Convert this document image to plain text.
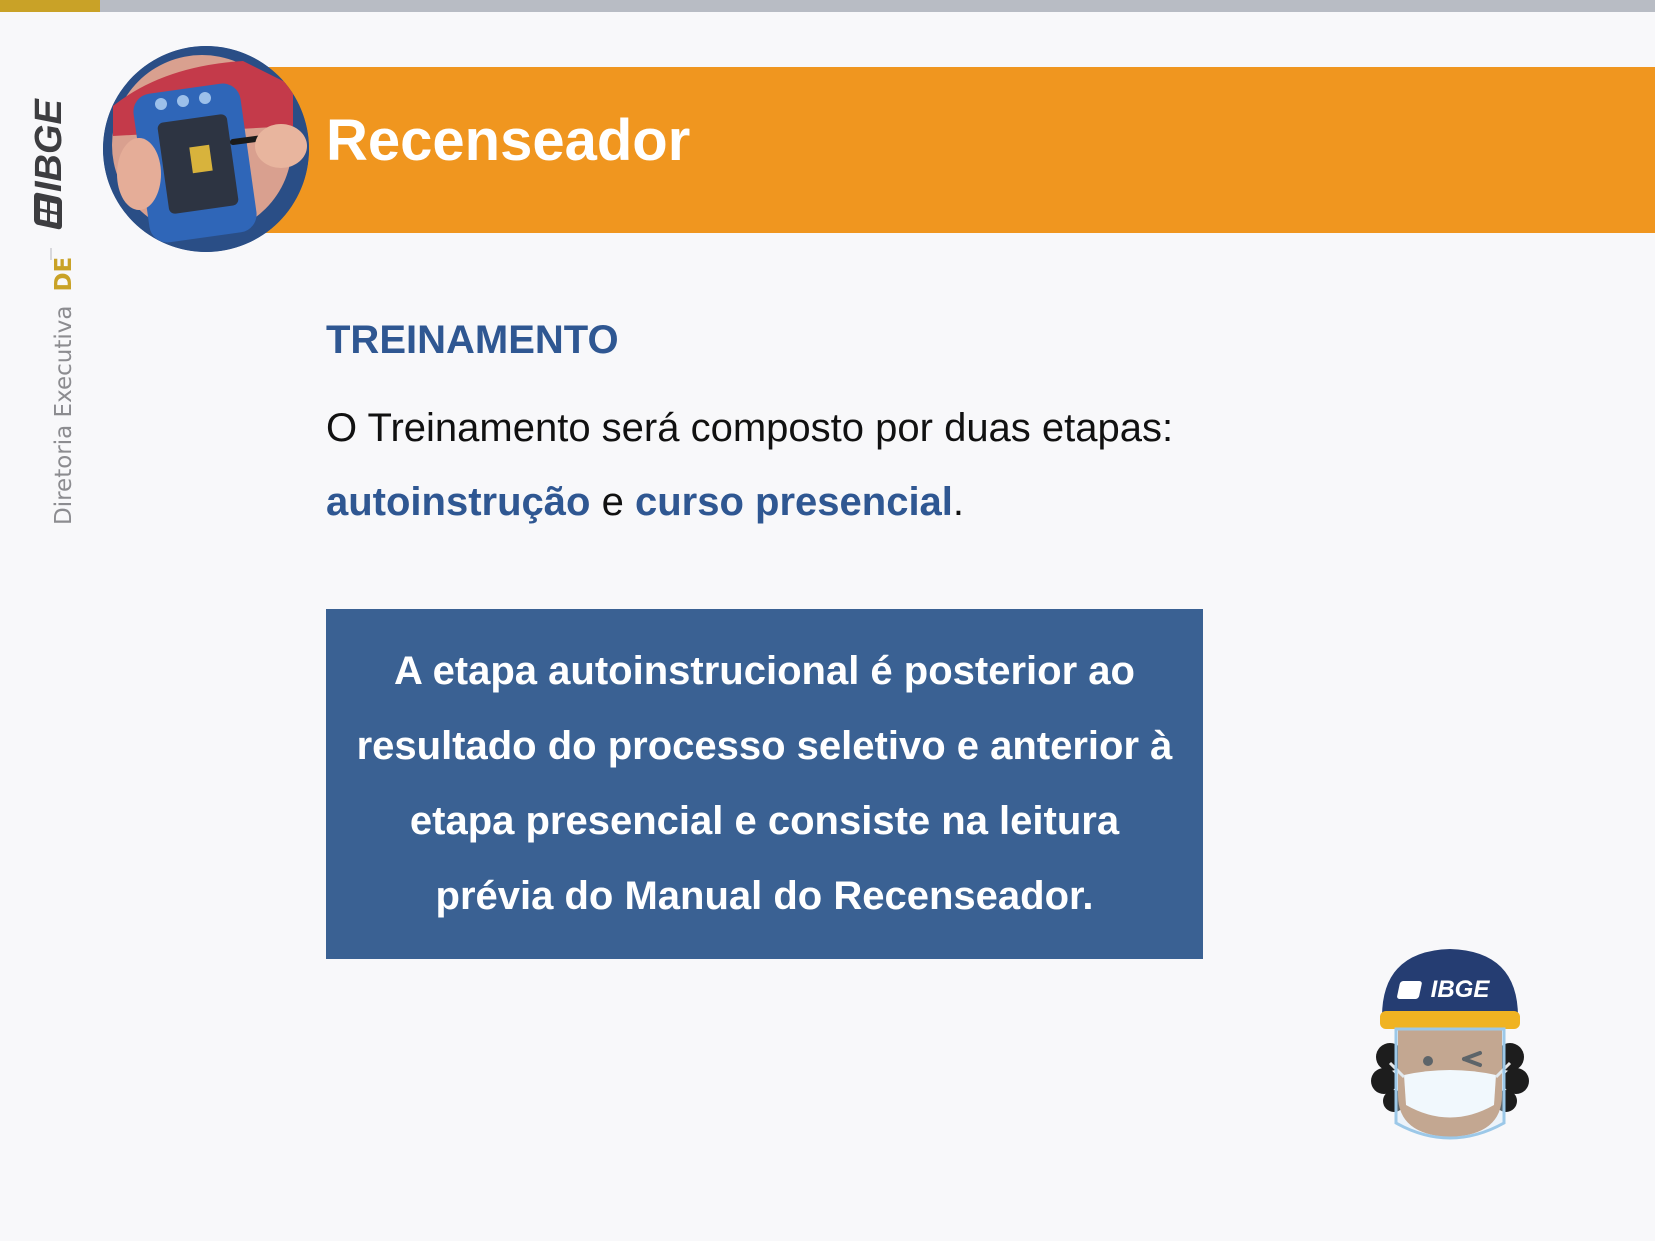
IBGE
Diretoria ExecutivaDE
Recenseador
TREINAMENTO

O Treinamento será composto por duas etapas:

autoinstrução e curso presencial.

A etapa autoinstrucional é posterior ao resultado do processo seletivo e anterior à etapa presencial e consiste na leitura prévia do Manual do Recenseador.

IBGE
